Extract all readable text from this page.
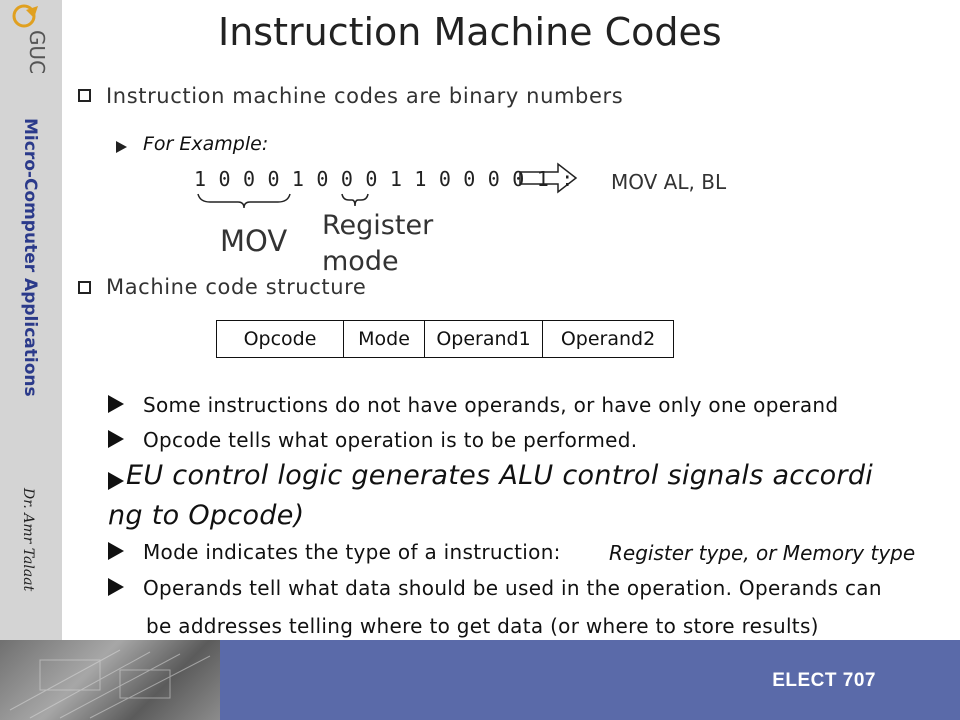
GUC
Micro-Computer Applications
Dr. Amr Talaat
Instruction Machine Codes
Instruction machine codes are binary numbers
For Example:
1 0 0 0 1 0 0 0 1 1 0 0 0 0 1 : MOV AL, BL
MOV Register
mode
Machine code structure
Opcode	Mode	Operand1	Operand2
Some instructions do not have operands, or have only one operand
Opcode tells what operation is to be performed.
EU control logic generates ALU control signals accordi
ng to Opcode)
Mode indicates the type of a instruction: Register type, or Memory type
Operands tell what data should be used in the operation. Operands can
be addresses telling where to get data (or where to store results)
ELECT 707
